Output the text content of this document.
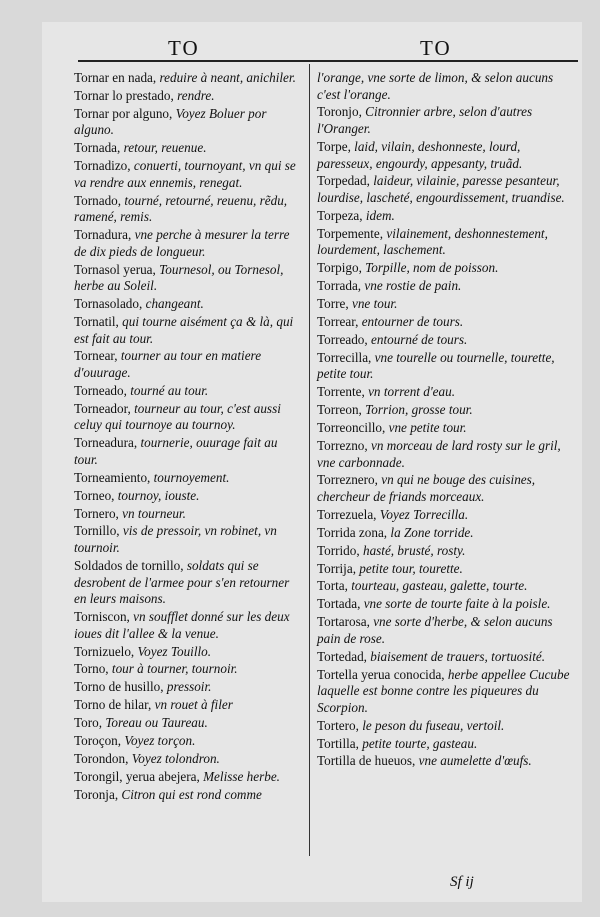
TO	TO
Tornar en nada, reduire à neant, anichiler.
Tornar lo prestado, rendre.
Tornar por alguno, Voyez Boluer por alguno.
Tornada, retour, reuenue.
Tornadizo, conuerti, tournoyant, vn qui se va rendre aux ennemis, renegat.
Tornado, tourné, retourné, reuenu, rẽdu, ramené, remis.
Tornadura, vne perche à mesurer la terre de dix pieds de longueur.
Tornasol yerua, Tournesol, ou Tornesol, herbe au Soleil.
Tornasolado, changeant.
Tornatil, qui tourne aisément ça & là, qui est fait au tour.
Tornear, tourner au tour en matiere d'ouurage.
Torneado, tourné au tour.
Torneador, tourneur au tour, c'est aussi celuy qui tournoye au tournoy.
Torneadura, tournerie, ouurage fait au tour.
Torneamiento, tournoyement.
Torneo, tournoy, iouste.
Tornero, vn tourneur.
Tornillo, vis de pressoir, vn robinet, vn tournoir.
Soldados de tornillo, soldats qui se desrobent de l'armee pour s'en retourner en leurs maisons.
Torniscon, vn soufflet donné sur les deux ioues dit l'allee & la venue.
Tornizuelo, Voyez Touillo.
Torno, tour à tourner, tournoir.
Torno de husillo, pressoir.
Torno de hilar, vn rouet à filer
Toro, Toreau ou Taureau.
Toroçon, Voyez torçon.
Torondon, Voyez tolondron.
Torongil, yerua abejera, Melisse herbe.
Toronja, Citron qui est rond comme
l'orange, vne sorte de limon, & selon aucuns c'est l'orange.
Toronjo, Citronnier arbre, selon d'autres l'Oranger.
Torpe, laid, vilain, deshonneste, lourd, paresseux, engourdy, appesanty, truãd.
Torpedad, laideur, vilainie, paresse pesanteur, lourdise, lascheté, engourdissement, truandise.
Torpeza, idem.
Torpemente, vilainement, deshonnestement, lourdement, laschement.
Torpigo, Torpille, nom de poisson.
Torrada, vne rostie de pain.
Torre, vne tour.
Torrear, entourner de tours.
Torreado, entourné de tours.
Torrecilla, vne tourelle ou tournelle, tourette, petite tour.
Torrente, vn torrent d'eau.
Torreon, Torrion, grosse tour.
Torreoncillo, vne petite tour.
Torrezno, vn morceau de lard rosty sur le gril, vne carbonnade.
Torreznero, vn qui ne bouge des cuisines, chercheur de friands morceaux.
Torrezuela, Voyez Torrecilla.
Torrida zona, la Zone torride.
Torrido, hasté, brusté, rosty.
Torrija, petite tour, tourette.
Torta, tourteau, gasteau, galette, tourte.
Tortada, vne sorte de tourte faite à la poisle.
Tortarosa, vne sorte d'herbe, & selon aucuns pain de rose.
Tortedad, biaisement de trauers, tortuosité.
Tortella yerua conocida, herbe appellee Cucube laquelle est bonne contre les piqueures du Scorpion.
Tortero, le peson du fuseau, vertoil.
Tortilla, petite tourte, gasteau.
Tortilla de hueuos, vne aumelette d'œufs.
Sf ij
